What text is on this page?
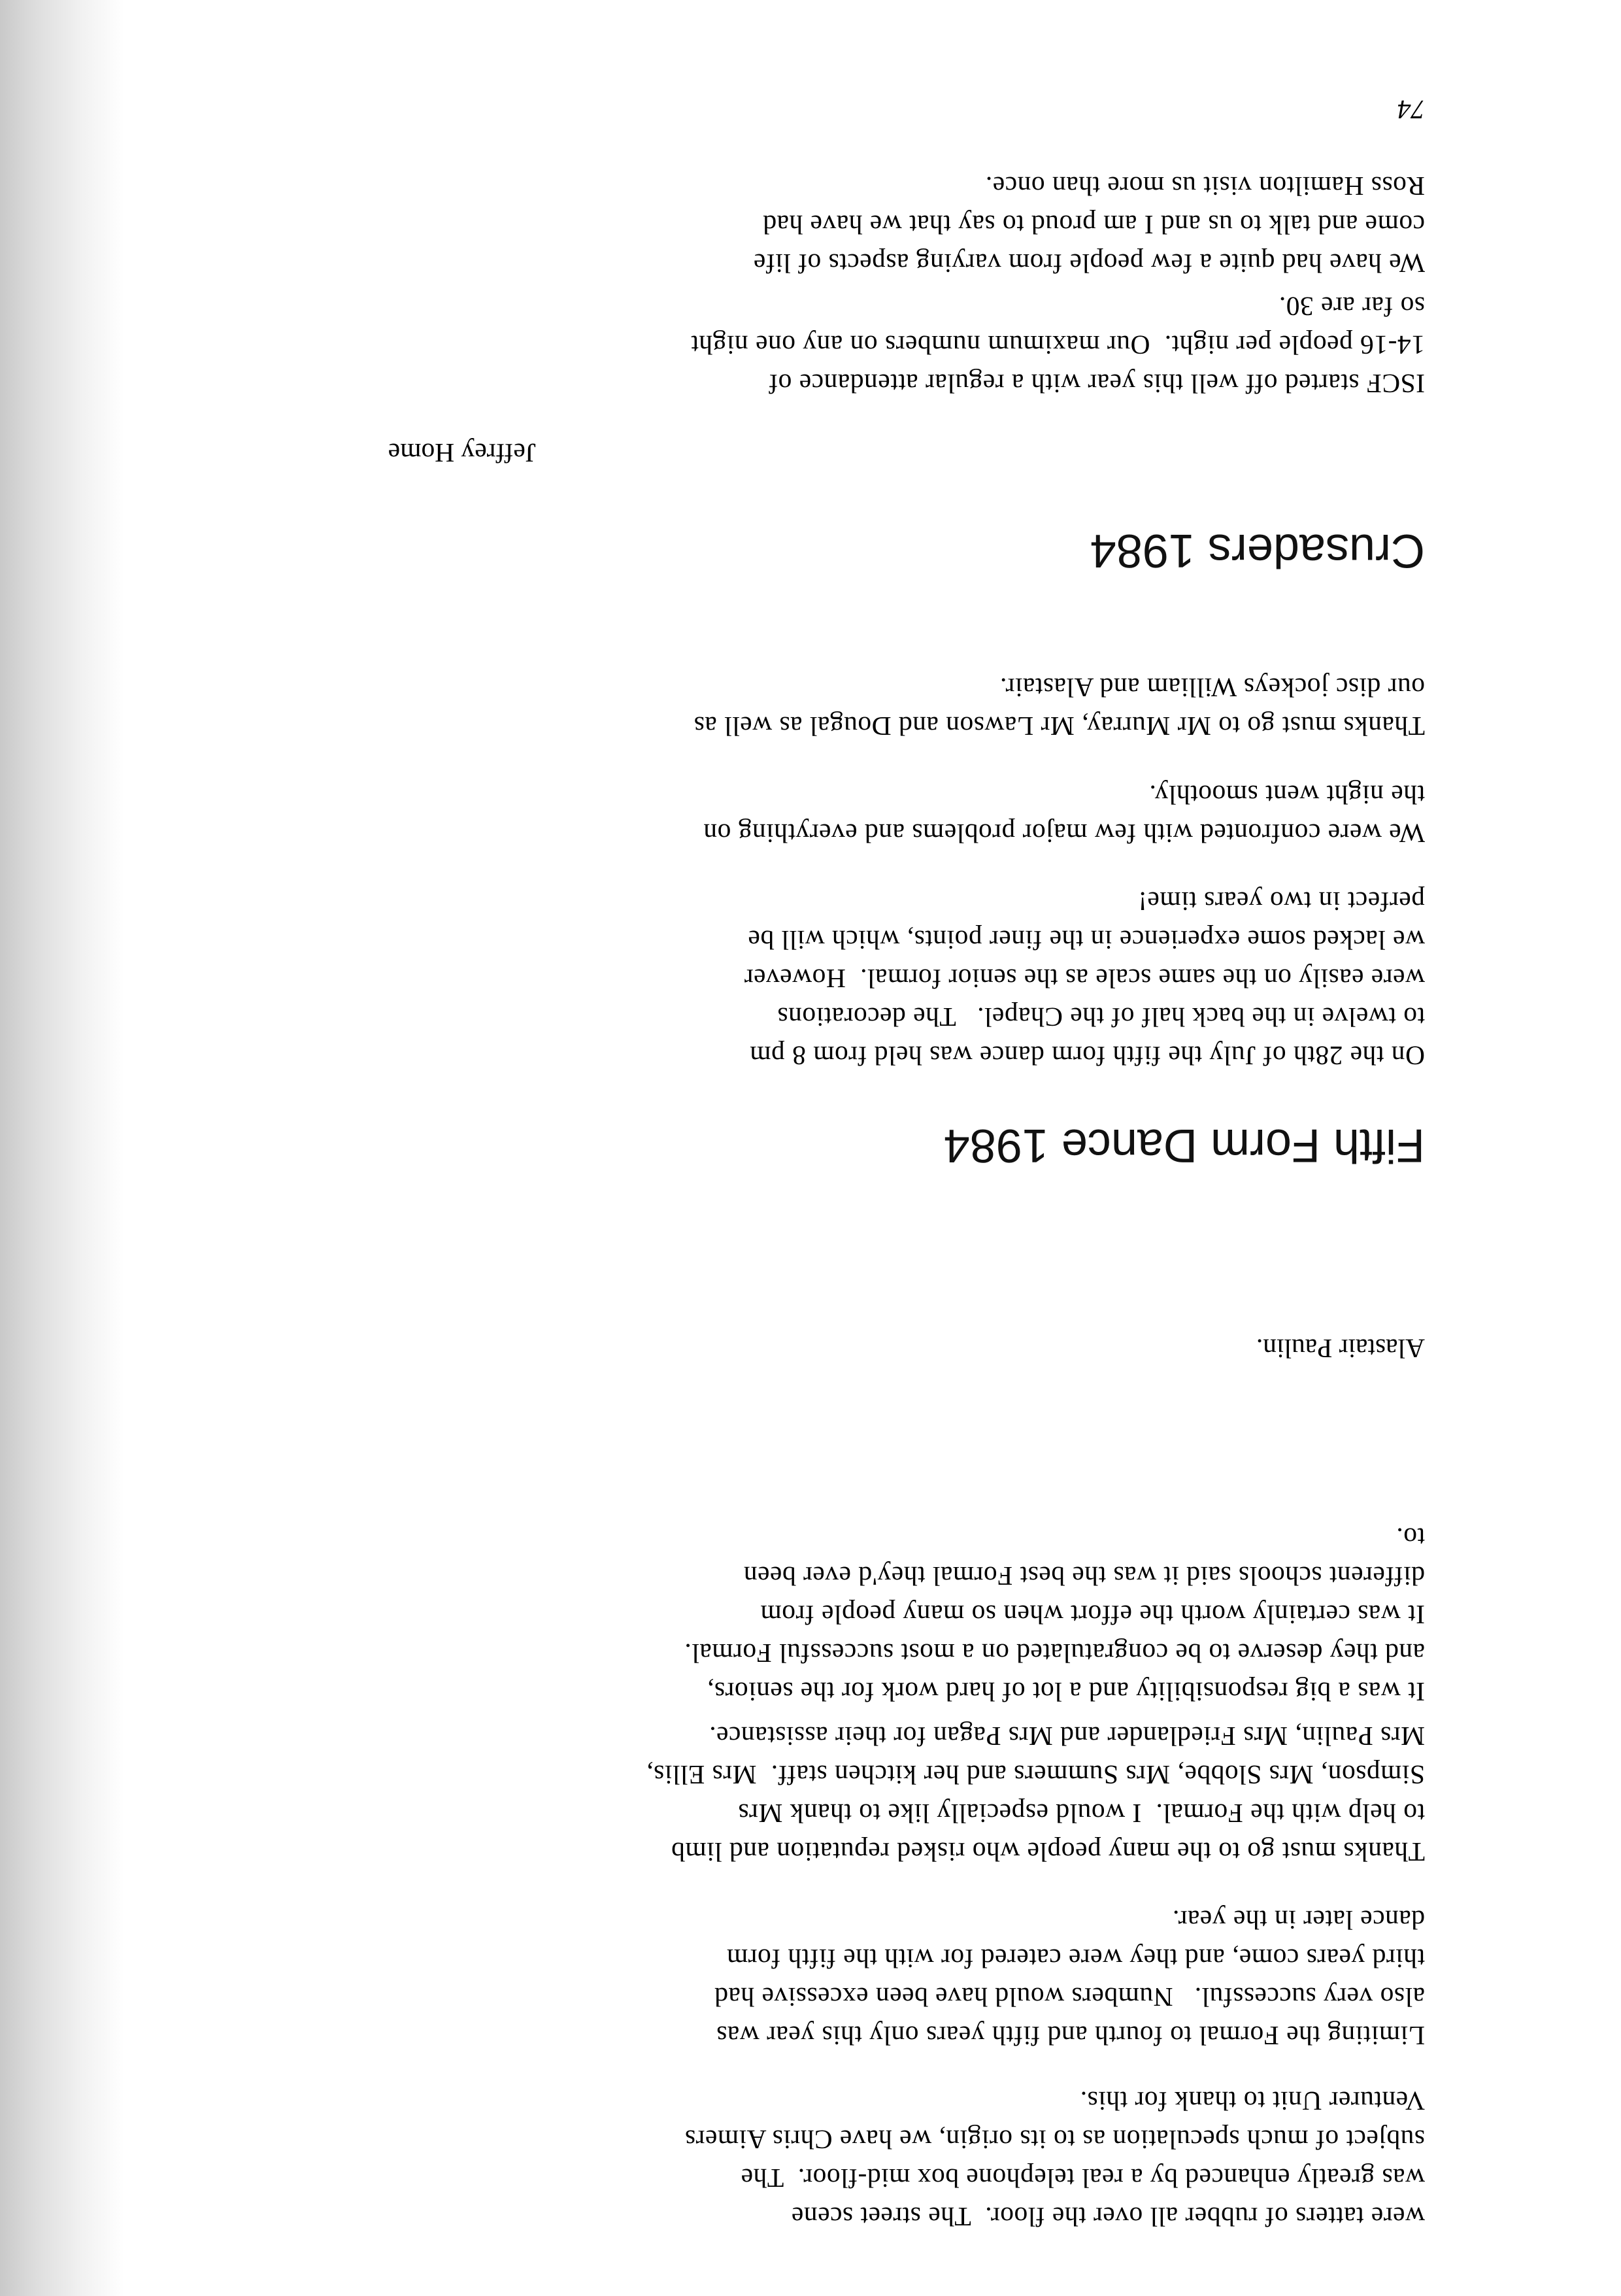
were tatters of rubber all over the floor.  The street scene

was greatly enhanced by a real telephone box mid-floor.  The

subject of much speculation as to its origin, we have Chris Aimers

Venturer Unit to thank for this.

Limiting the Formal to fourth and fifth years only this year was

also very successful.   Numbers would have been excessive had

third years come, and they were catered for with the fifth form

dance later in the year.

Thanks must go to the many people who risked reputation and limb

to help with the Formal.  I would especially like to thank Mrs

Simpson, Mrs Slobbe, Mrs Summers and her kitchen staff.  Mrs Ellis,

Mrs Paulin, Mrs Friedlander and Mrs Pagan for their assistance.

It was a big responsibility and a lot of hard work for the seniors,

and they deserve to be congratulated on a most successful Formal.

It was certainly worth the effort when so many people from

different schools said it was the best Formal they'd ever been

to.

Alastair Paulin.

Fifth Form Dance 1984

On the 28th of July the fifth form dance was held from 8 pm

to twelve in the back half of the Chapel.   The decorations

were easily on the same scale as the senior formal.  However

we lacked some experience in the finer points, which will be

perfect in two years time!

We were confronted with few major problems and everything on

the night went smoothly.

Thanks must go to Mr Murray, Mr Lawson and Dougal as well as

our disc jockeys William and Alastair.

Crusaders 1984

Jeffrey Home

ISCF started off well this year with a regular attendance of

14-16 people per night.  Our maximum numbers on any one night

so far are 30.

We have had quite a few people from varying aspects of life

come and talk to us and I am proud to say that we have had

Ross Hamilton visit us more than once.

74
